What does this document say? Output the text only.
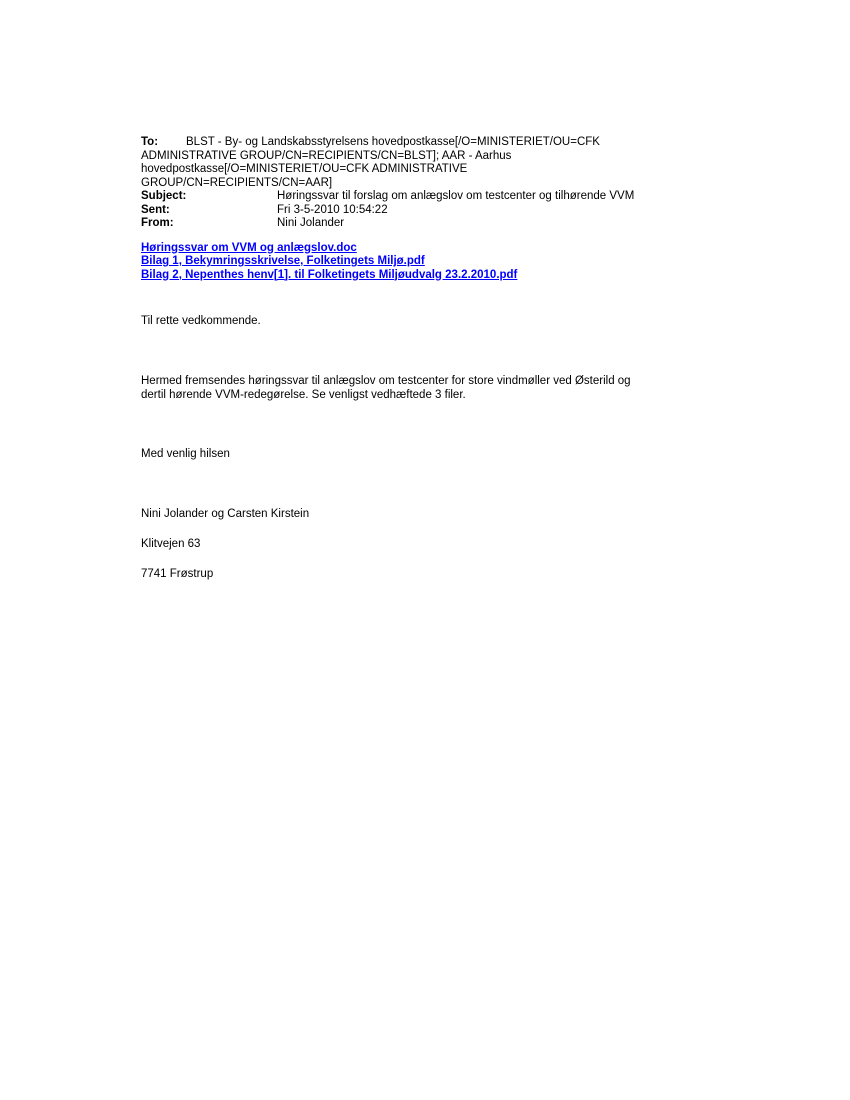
To: BLST - By- og Landskabsstyrelsens hovedpostkasse[/O=MINISTERIET/OU=CFK
ADMINISTRATIVE GROUP/CN=RECIPIENTS/CN=BLST]; AAR - Aarhus
hovedpostkasse[/O=MINISTERIET/OU=CFK ADMINISTRATIVE
GROUP/CN=RECIPIENTS/CN=AAR]
Subject:	Høringssvar til forslag om anlægslov om testcenter og tilhørende VVM
Sent:	Fri 3-5-2010 10:54:22
From:	Nini Jolander
Høringssvar om VVM og anlægslov.doc
Bilag 1, Bekymringsskrivelse, Folketingets Miljø.pdf
Bilag 2, Nepenthes henv[1]. til Folketingets Miljøudvalg 23.2.2010.pdf
Til rette vedkommende.
Hermed fremsendes høringssvar til anlægslov om testcenter for store vindmøller ved Østerild og
dertil hørende VVM-redegørelse. Se venligst vedhæftede 3 filer.
Med venlig hilsen
Nini Jolander og Carsten Kirstein
Klitvejen 63
7741 Frøstrup
